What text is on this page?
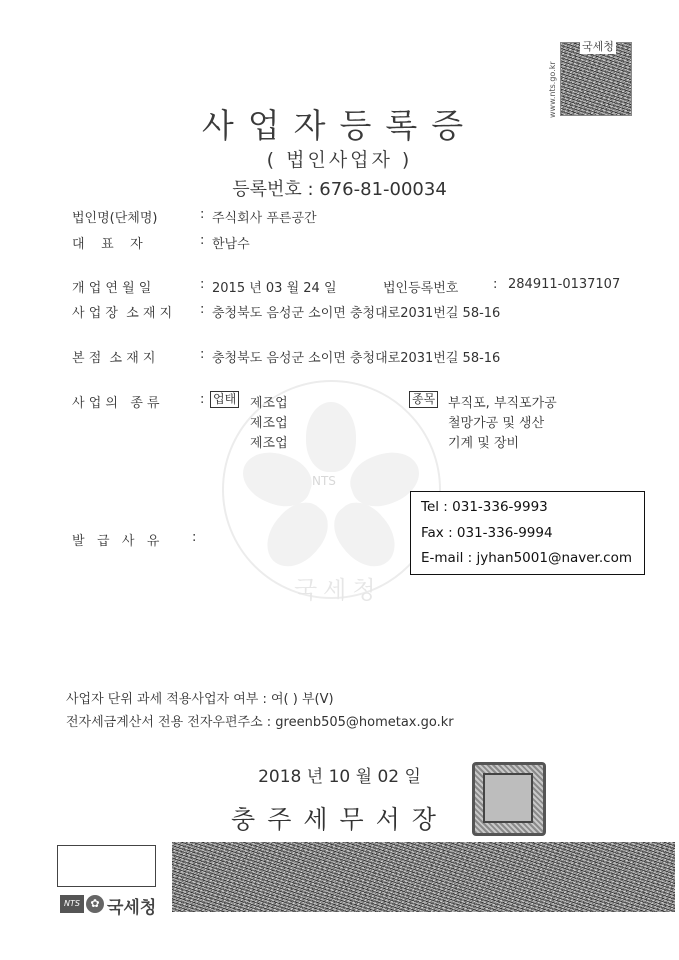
국세청
www.nts.go.kr
사업자등록증
( 법인사업자 )
등록번호 : 676-81-00034
NTS
국세청
법인명(단체명)	: 주식회사 푸른공간
대    표    자	: 한남수
개 업 연 월 일	: 2015 년 03 월 24 일	법인등록번호	: 284911-0137107
사 업 장  소 재 지 : 충청북도 음성군 소이면 충청대로2031번길 58-16
본 점  소 재 지	: 충청북도 음성군 소이면 충청대로2031번길 58-16
사 업 의   종 류	: 업태 제조업
제조업
제조업
종목 부직포, 부직포가공
철망가공 및 생산
기계 및 장비
발   급   사   유	:
Tel : 031-336-9993
Fax : 031-336-9994
E-mail : jyhan5001@naver.com
사업자 단위 과세 적용사업자 여부 : 여( ) 부(V)
전자세금계산서 전용 전자우편주소 : greenb505@hometax.go.kr
2018 년 10 월 02 일
충주세무서장
NTS ✿ 국세청
